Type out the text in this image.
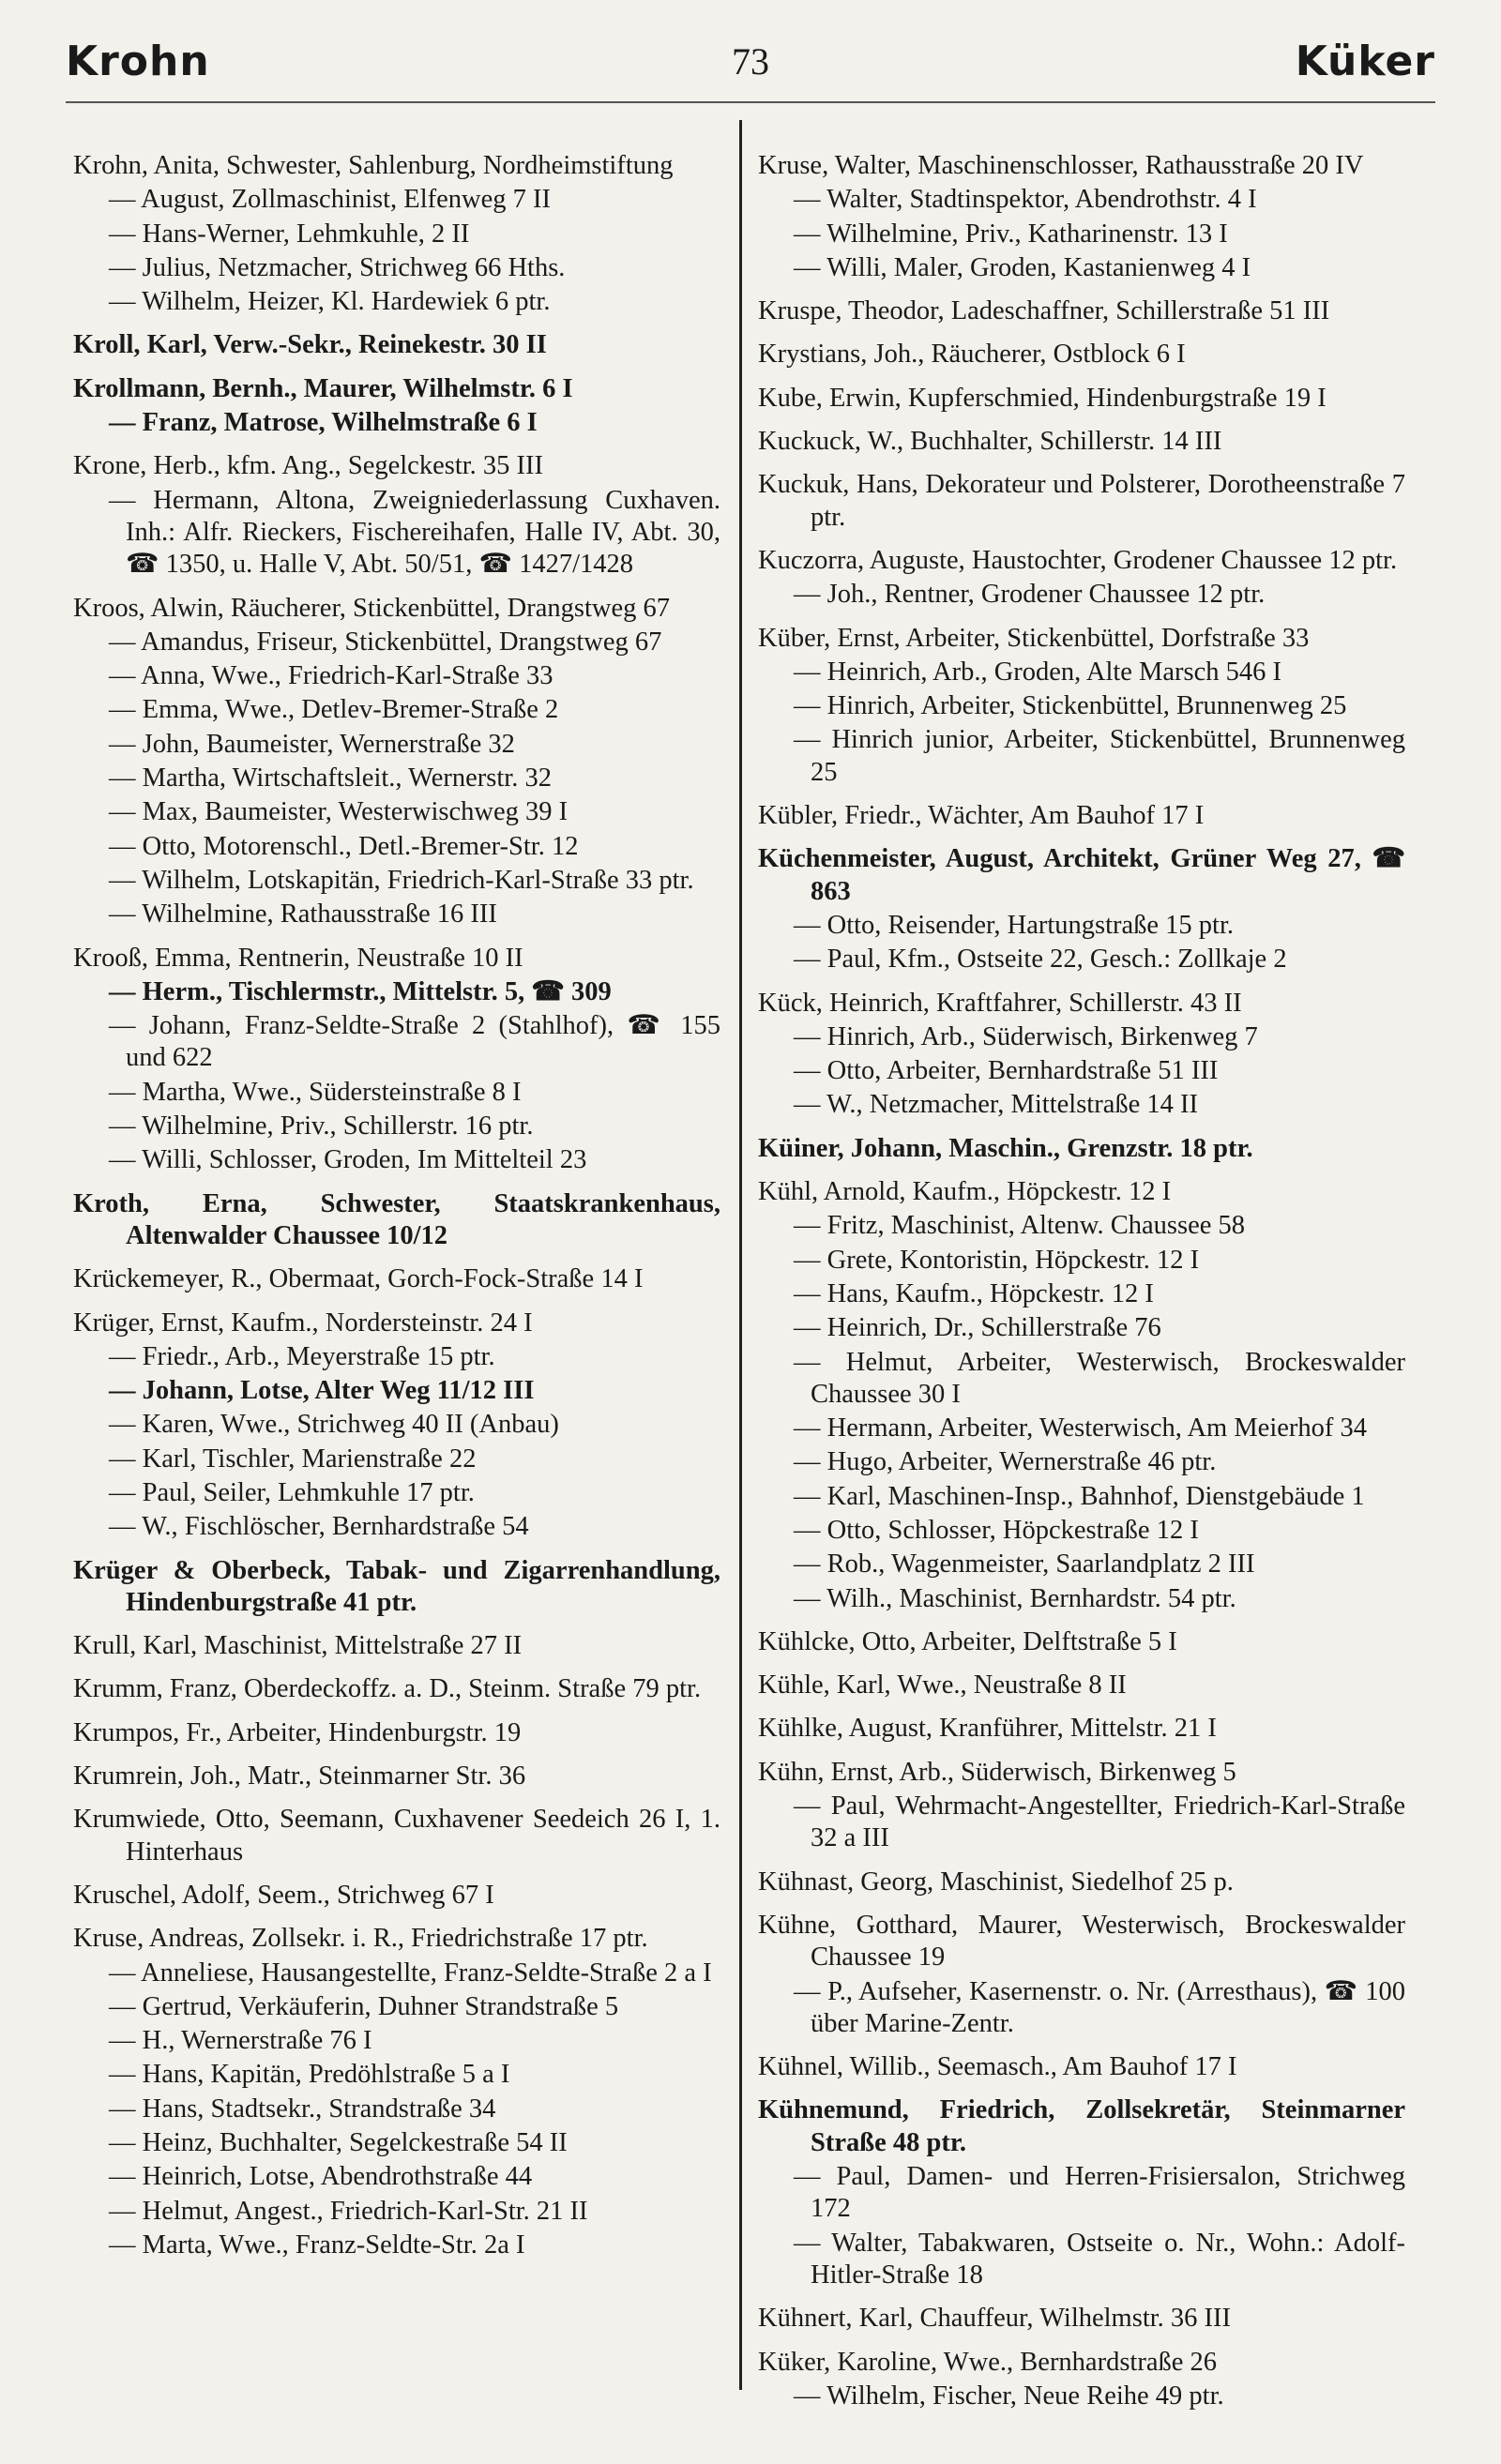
Krohn	73	Küker
Krohn, Anita, Schwester, Sahlenburg, Nordheimstiftung
— August, Zollmaschinist, Elfenweg 7 II
— Hans-Werner, Lehmkuhle, 2 II
— Julius, Netzmacher, Strichweg 66 Hths.
— Wilhelm, Heizer, Kl. Hardewiek 6 ptr.
Kroll, Karl, Verw.-Sekr., Reinekestr. 30 II
Krollmann, Bernh., Maurer, Wilhelmstr. 6 I
— Franz, Matrose, Wilhelmstraße 6 I
Krone, Herb., kfm. Ang., Segelckestr. 35 III
— Hermann, Altona, Zweigniederlassung Cuxhaven. Inh.: Alfr. Rieckers, Fischereihafen, Halle IV, Abt. 30, ☎ 1350, u. Halle V, Abt. 50/51, ☎ 1427/1428
Kroos, Alwin, Räucherer, Stickenbüttel, Drangstweg 67
— Amandus, Friseur, Stickenbüttel, Drangstweg 67
— Anna, Wwe., Friedrich-Karl-Straße 33
— Emma, Wwe., Detlev-Bremer-Straße 2
— John, Baumeister, Wernerstraße 32
— Martha, Wirtschaftsleit., Wernerstr. 32
— Max, Baumeister, Westerwischweg 39 I
— Otto, Motorenschl., Detl.-Bremer-Str. 12
— Wilhelm, Lotskapitän, Friedrich-Karl-Straße 33 ptr.
— Wilhelmine, Rathausstraße 16 III
Krooß, Emma, Rentnerin, Neustraße 10 II
— Herm., Tischlermstr., Mittelstr. 5, ☎ 309
— Johann, Franz-Seldte-Straße 2 (Stahlhof), ☎ 155 und 622
— Martha, Wwe., Südersteinstraße 8 I
— Wilhelmine, Priv., Schillerstr. 16 ptr.
— Willi, Schlosser, Groden, Im Mittelteil 23
Kroth, Erna, Schwester, Staatskrankenhaus, Altenwalder Chaussee 10/12
Krückemeyer, R., Obermaat, Gorch-Fock-Straße 14 I
Krüger, Ernst, Kaufm., Nordersteinstr. 24 I
— Friedr., Arb., Meyerstraße 15 ptr.
— Johann, Lotse, Alter Weg 11/12 III
— Karen, Wwe., Strichweg 40 II (Anbau)
— Karl, Tischler, Marienstraße 22
— Paul, Seiler, Lehmkuhle 17 ptr.
— W., Fischlöscher, Bernhardstraße 54
Krüger & Oberbeck, Tabak- und Zigarrenhandlung, Hindenburgstraße 41 ptr.
Krull, Karl, Maschinist, Mittelstraße 27 II
Krumm, Franz, Oberdeckoffz. a. D., Steinm. Straße 79 ptr.
Krumpos, Fr., Arbeiter, Hindenburgstr. 19
Krumrein, Joh., Matr., Steinmarner Str. 36
Krumwiede, Otto, Seemann, Cuxhavener Seedeich 26 I, 1. Hinterhaus
Kruschel, Adolf, Seem., Strichweg 67 I
Kruse, Andreas, Zollsekr. i. R., Friedrichstraße 17 ptr.
— Anneliese, Hausangestellte, Franz-Seldte-Straße 2 a I
— Gertrud, Verkäuferin, Duhner Strandstraße 5
— H., Wernerstraße 76 I
— Hans, Kapitän, Predöhlstraße 5 a I
— Hans, Stadtsekr., Strandstraße 34
— Heinz, Buchhalter, Segelckestraße 54 II
— Heinrich, Lotse, Abendrothstraße 44
— Helmut, Angest., Friedrich-Karl-Str. 21 II
— Marta, Wwe., Franz-Seldte-Str. 2a I
Kruse, Walter, Maschinenschlosser, Rathausstraße 20 IV
— Walter, Stadtinspektor, Abendrothstr. 4 I
— Wilhelmine, Priv., Katharinenstr. 13 I
— Willi, Maler, Groden, Kastanienweg 4 I
Kruspe, Theodor, Ladeschaffner, Schillerstraße 51 III
Krystians, Joh., Räucherer, Ostblock 6 I
Kube, Erwin, Kupferschmied, Hindenburgstraße 19 I
Kuckuck, W., Buchhalter, Schillerstr. 14 III
Kuckuk, Hans, Dekorateur und Polsterer, Dorotheenstraße 7 ptr.
Kuczorra, Auguste, Haustochter, Grodener Chaussee 12 ptr.
— Joh., Rentner, Grodener Chaussee 12 ptr.
Küber, Ernst, Arbeiter, Stickenbüttel, Dorfstraße 33
— Heinrich, Arb., Groden, Alte Marsch 546 I
— Hinrich, Arbeiter, Stickenbüttel, Brunnenweg 25
— Hinrich junior, Arbeiter, Stickenbüttel, Brunnenweg 25
Kübler, Friedr., Wächter, Am Bauhof 17 I
Küchenmeister, August, Architekt, Grüner Weg 27, ☎ 863
— Otto, Reisender, Hartungstraße 15 ptr.
— Paul, Kfm., Ostseite 22, Gesch.: Zollkaje 2
Kück, Heinrich, Kraftfahrer, Schillerstr. 43 II
— Hinrich, Arb., Süderwisch, Birkenweg 7
— Otto, Arbeiter, Bernhardstraße 51 III
— W., Netzmacher, Mittelstraße 14 II
Küiner, Johann, Maschin., Grenzstr. 18 ptr.
Kühl, Arnold, Kaufm., Höpckestr. 12 I
— Fritz, Maschinist, Altenw. Chaussee 58
— Grete, Kontoristin, Höpckestr. 12 I
— Hans, Kaufm., Höpckestr. 12 I
— Heinrich, Dr., Schillerstraße 76
— Helmut, Arbeiter, Westerwisch, Brockeswalder Chaussee 30 I
— Hermann, Arbeiter, Westerwisch, Am Meierhof 34
— Hugo, Arbeiter, Wernerstraße 46 ptr.
— Karl, Maschinen-Insp., Bahnhof, Dienstgebäude 1
— Otto, Schlosser, Höpckestraße 12 I
— Rob., Wagenmeister, Saarlandplatz 2 III
— Wilh., Maschinist, Bernhardstr. 54 ptr.
Kühlcke, Otto, Arbeiter, Delftstraße 5 I
Kühle, Karl, Wwe., Neustraße 8 II
Kühlke, August, Kranführer, Mittelstr. 21 I
Kühn, Ernst, Arb., Süderwisch, Birkenweg 5
— Paul, Wehrmacht-Angestellter, Friedrich-Karl-Straße 32 a III
Kühnast, Georg, Maschinist, Siedelhof 25 p.
Kühne, Gotthard, Maurer, Westerwisch, Brockeswalder Chaussee 19
— P., Aufseher, Kasernenstr. o. Nr. (Arresthaus), ☎ 100 über Marine-Zentr.
Kühnel, Willib., Seemasch., Am Bauhof 17 I
Kühnemund, Friedrich, Zollsekretär, Steinmarner Straße 48 ptr.
— Paul, Damen- und Herren-Frisiersalon, Strichweg 172
— Walter, Tabakwaren, Ostseite o. Nr., Wohn.: Adolf-Hitler-Straße 18
Kühnert, Karl, Chauffeur, Wilhelmstr. 36 III
Küker, Karoline, Wwe., Bernhardstraße 26
— Wilhelm, Fischer, Neue Reihe 49 ptr.
